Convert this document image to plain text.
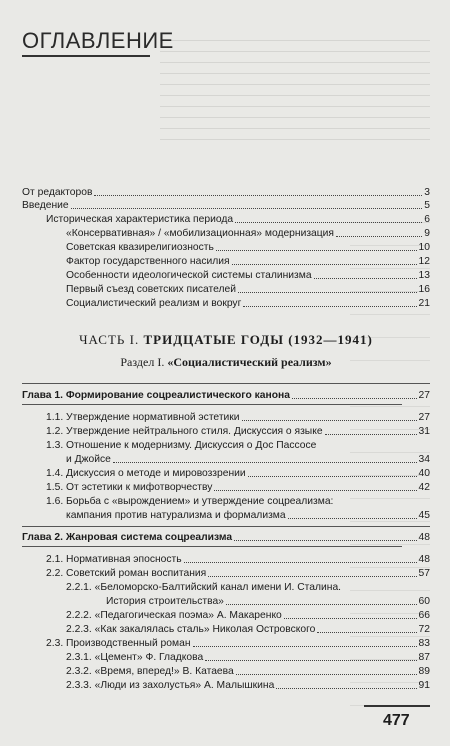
ОГЛАВЛЕНИЕ
От редакторов	3
Введение	5
Историческая характеристика периода	6
«Консервативная» / «мобилизационная» модернизация	9
Советская квазирелигиозность	10
Фактор государственного насилия	12
Особенности идеологической системы сталинизма	13
Первый съезд советских писателей	16
Социалистический реализм и вокруг	21
ЧАСТЬ I. ТРИДЦАТЫЕ ГОДЫ (1932—1941)
Раздел I. «Социалистический реализм»
Глава 1. Формирование соцреалистического канона	27
1.1. Утверждение нормативной эстетики	27
1.2. Утверждение нейтрального стиля. Дискуссия о языке	31
1.3. Отношение к модернизму. Дискуссия о Дос Пассосе
и Джойсе	34
1.4. Дискуссия о методе и мировоззрении	40
1.5. От эстетики к мифотворчеству	42
1.6. Борьба с «вырождением» и утверждение соцреализма:
кампания против натурализма и формализма	45
Глава 2. Жанровая система соцреализма	48
2.1. Нормативная эпосность	48
2.2. Советский роман воспитания	57
2.2.1. «Беломорско-Балтийский канал имени И. Сталина.
История строительства»	60
2.2.2. «Педагогическая поэма» А. Макаренко	66
2.2.3. «Как закалялась сталь» Николая Островского	72
2.3. Производственный роман	83
2.3.1. «Цемент» Ф. Гладкова	87
2.3.2. «Время, вперед!» В. Катаева	89
2.3.3. «Люди из захолустья» А. Малышкина	91
477
